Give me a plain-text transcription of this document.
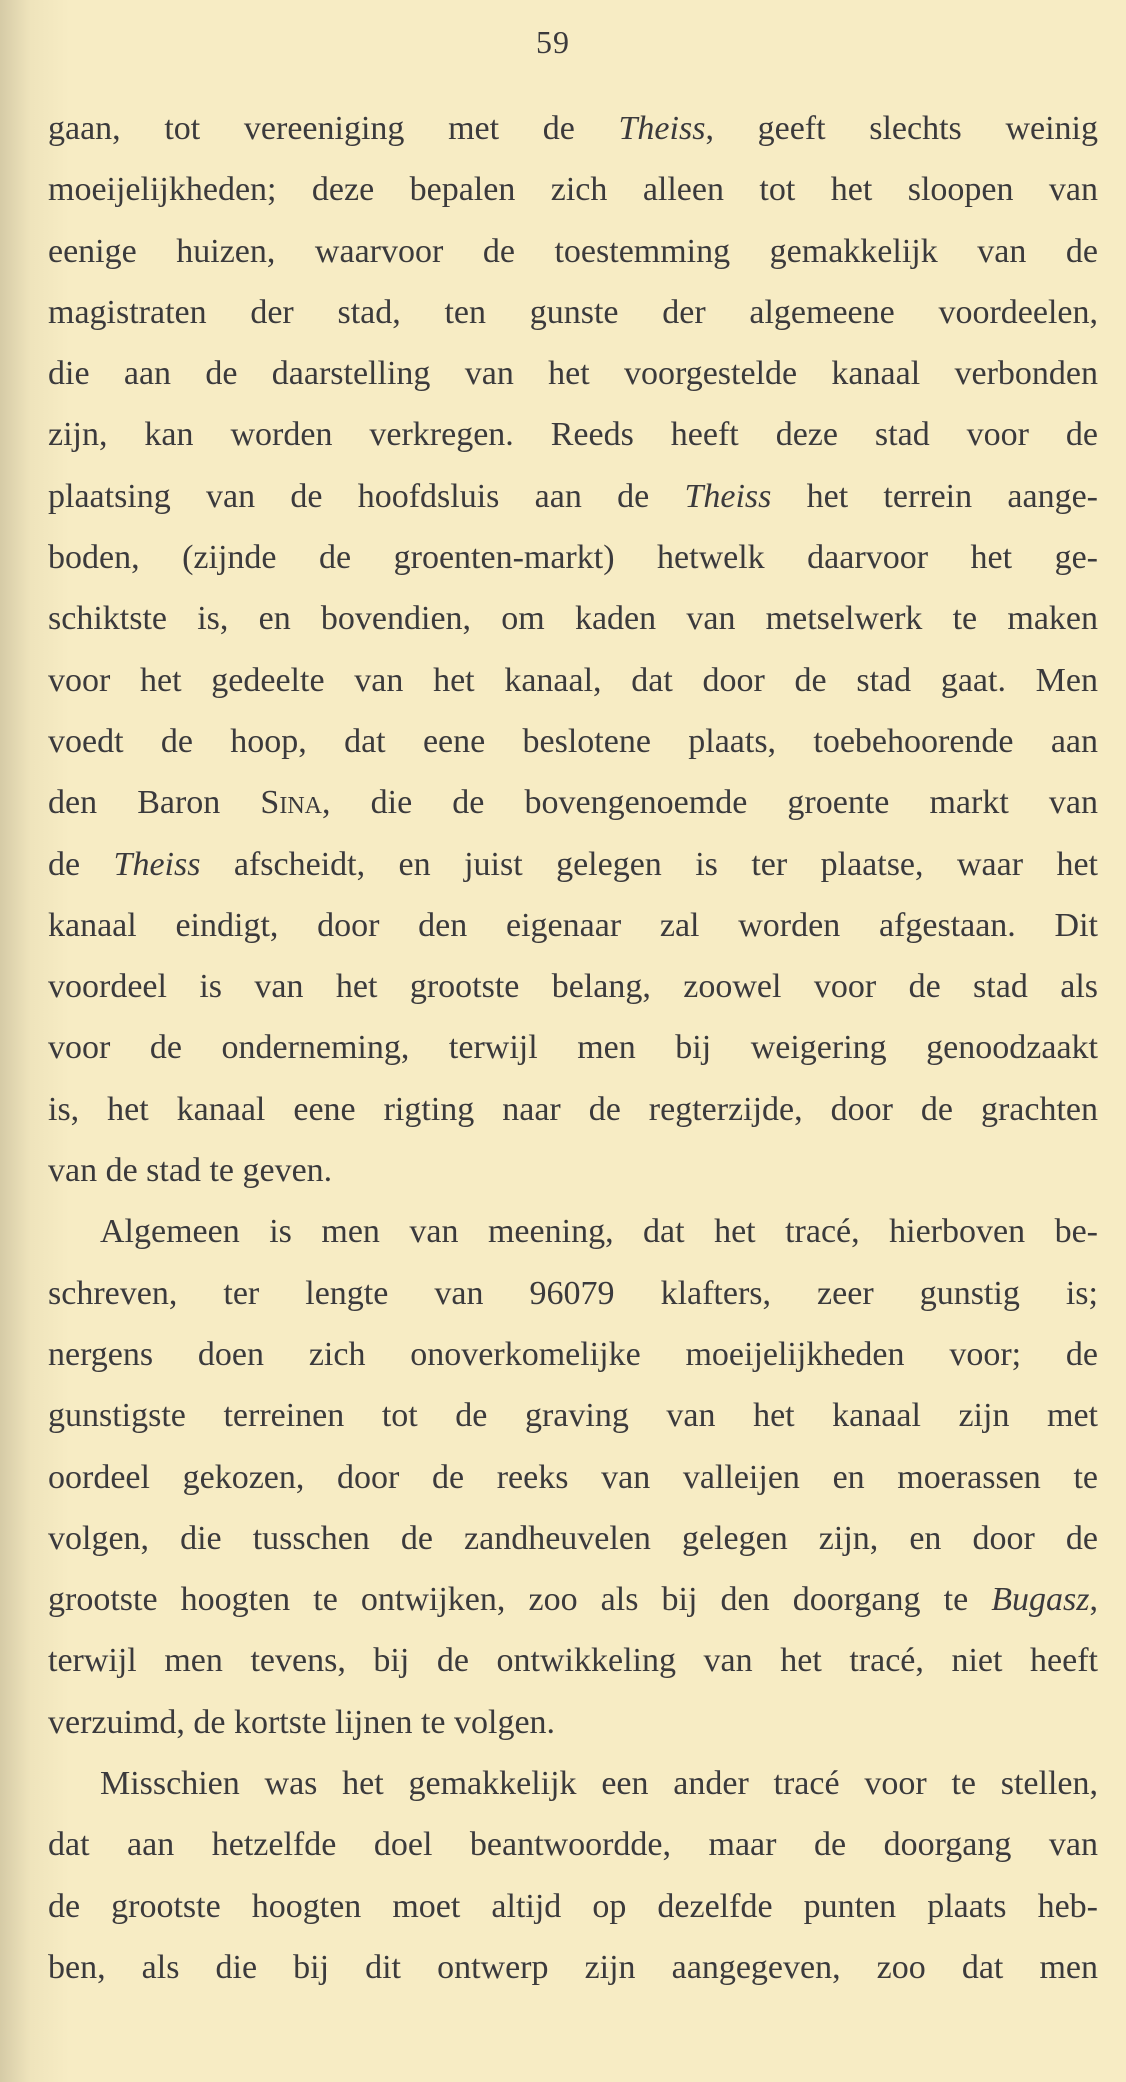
59
gaan, tot vereeniging met de Theiss, geeft slechts weinig
moeijelijkheden; deze bepalen zich alleen tot het sloopen van
eenige huizen, waarvoor de toestemming gemakkelijk van de
magistraten der stad, ten gunste der algemeene voordeelen,
die aan de daarstelling van het voorgestelde kanaal verbonden
zijn, kan worden verkregen. Reeds heeft deze stad voor de
plaatsing van de hoofdsluis aan de Theiss het terrein aange-
boden, (zijnde de groenten-markt) hetwelk daarvoor het ge-
schiktste is, en bovendien, om kaden van metselwerk te maken
voor het gedeelte van het kanaal, dat door de stad gaat. Men
voedt de hoop, dat eene beslotene plaats, toebehoorende aan
den Baron Sina, die de bovengenoemde groente markt van
de Theiss afscheidt, en juist gelegen is ter plaatse, waar het
kanaal eindigt, door den eigenaar zal worden afgestaan. Dit
voordeel is van het grootste belang, zoowel voor de stad als
voor de onderneming, terwijl men bij weigering genoodzaakt
is, het kanaal eene rigting naar de regterzijde, door de grachten
van de stad te geven.
Algemeen is men van meening, dat het tracé, hierboven be-
schreven, ter lengte van 96079 klafters, zeer gunstig is;
nergens doen zich onoverkomelijke moeijelijkheden voor; de
gunstigste terreinen tot de graving van het kanaal zijn met
oordeel gekozen, door de reeks van valleijen en moerassen te
volgen, die tusschen de zandheuvelen gelegen zijn, en door de
grootste hoogten te ontwijken, zoo als bij den doorgang te Bugasz,
terwijl men tevens, bij de ontwikkeling van het tracé, niet heeft
verzuimd, de kortste lijnen te volgen.
Misschien was het gemakkelijk een ander tracé voor te stellen,
dat aan hetzelfde doel beantwoordde, maar de doorgang van
de grootste hoogten moet altijd op dezelfde punten plaats heb-
ben, als die bij dit ontwerp zijn aangegeven, zoo dat men
